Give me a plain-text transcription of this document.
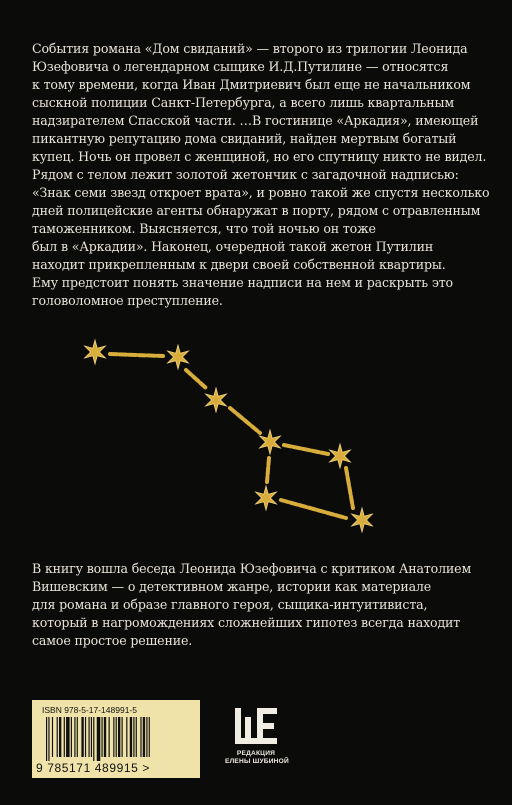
События романа «Дом свиданий» — второго из трилогии Леонида
Юзефовича о легендарном сыщике И.Д.Путилине — относятся
к тому времени, когда Иван Дмитриевич был еще не начальником
сыскной полиции Санкт-Петербурга, а всего лишь квартальным
надзирателем Спасской части. …В гостинице «Аркадия», имеющей
пикантную репутацию дома свиданий, найден мертвым богатый
купец. Ночь он провел с женщиной, но его спутницу никто не видел.
Рядом с телом лежит золотой жетончик с загадочной надписью:
«Знак семи звезд откроет врата», и ровно такой же спустя несколько
дней полицейские агенты обнаружат в порту, рядом с отравленным
таможенником. Выясняется, что той ночью он тоже
был в «Аркадии». Наконец, очередной такой жетон Путилин
находит прикрепленным к двери своей собственной квартиры.
Ему предстоит понять значение надписи на нем и раскрыть это
головоломное преступление.
В книгу вошла беседа Леонида Юзефовича с критиком Анатолием
Вишевским — о детективном жанре, истории как материале
для романа и образе главного героя, сыщика-интуитивиста,
который в нагромождениях сложнейших гипотез всегда находит
самое простое решение.
ISBN 978-5-17-148991-5
9 785171 489915 >
РЕДАКЦИЯ
ЕЛЕНЫ ШУБИНОЙ
